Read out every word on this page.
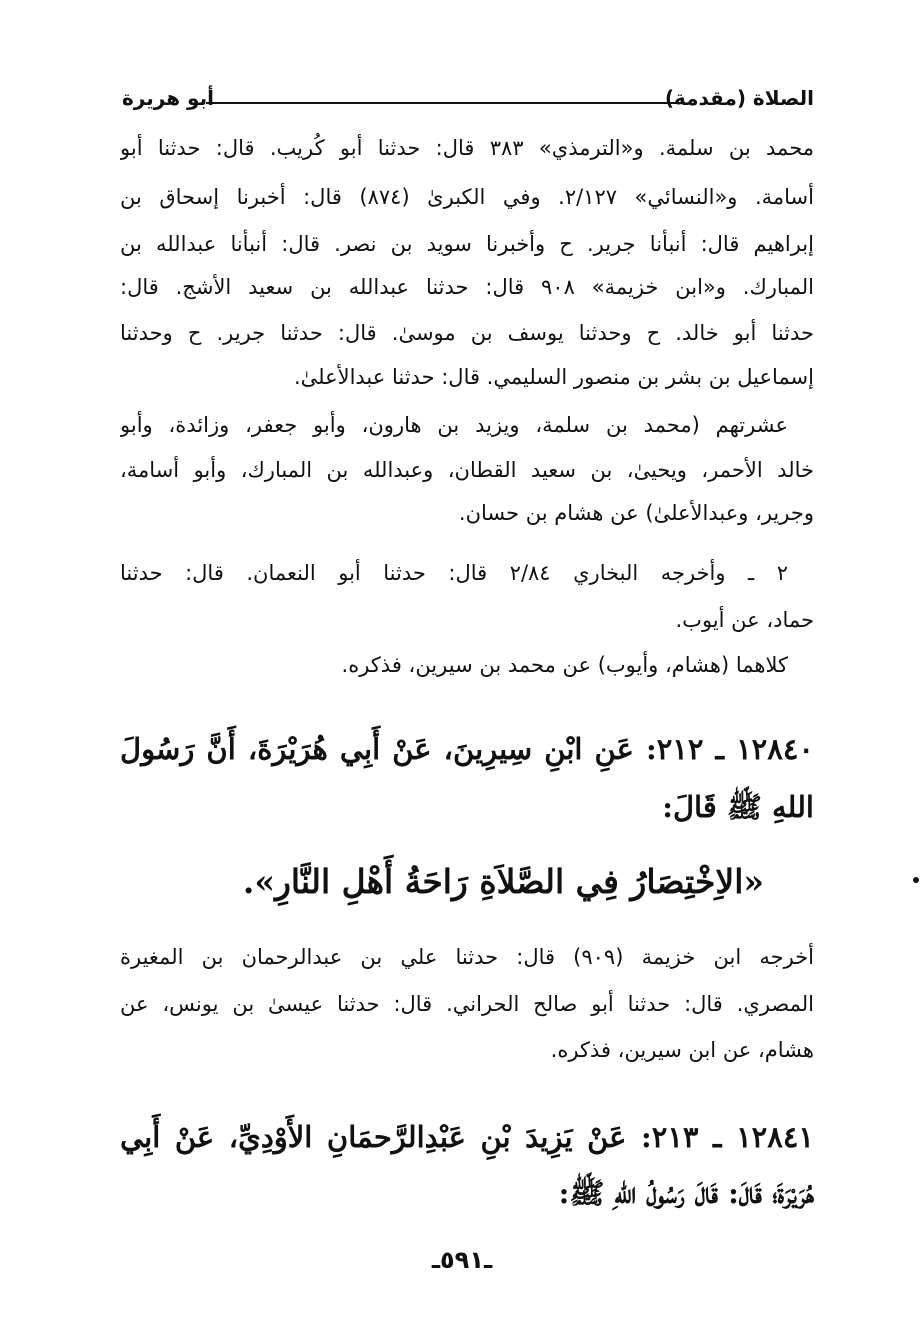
الصلاة (مقدمة)
أبو هريرة
محمد بن سلمة. و«الترمذي» ٣٨٣ قال: حدثنا أبو كُريب. قال: حدثنا أبو
أسامة. و«النسائي» ٢/١٢٧. وفي الكبرىٰ (٨٧٤) قال: أخبرنا إسحاق بن
إبراهيم قال: أنبأنا جرير. ح وأخبرنا سويد بن نصر. قال: أنبأنا عبدالله بن
المبارك. و«ابن خزيمة» ٩٠٨ قال: حدثنا عبدالله بن سعيد الأشج. قال:
حدثنا أبو خالد. ح وحدثنا يوسف بن موسىٰ. قال: حدثنا جرير. ح وحدثنا
إسماعيل بن بشر بن منصور السليمي. قال: حدثنا عبدالأعلىٰ.
عشرتهم (محمد بن سلمة، ويزيد بن هارون، وأبو جعفر، وزائدة، وأبو
خالد الأحمر، ويحيىٰ، بن سعيد القطان، وعبدالله بن المبارك، وأبو أسامة،
وجرير، وعبدالأعلىٰ) عن هشام بن حسان.
٢ ـ وأخرجه البخاري ٢/٨٤ قال: حدثنا أبو النعمان. قال: حدثنا
حماد، عن أيوب.
كلاهما (هشام، وأيوب) عن محمد بن سيرين، فذكره.
١٢٨٤٠ ـ ٢١٢: عَنِ ابْنِ سِيرِينَ، عَنْ أَبِي هُرَيْرَةَ، أَنَّ رَسُولَ
اللهِ ﷺ قَالَ:
«الاِخْتِصَارُ فِي الصَّلاَةِ رَاحَةُ أَهْلِ النَّارِ».
أخرجه ابن خزيمة (٩٠٩) قال: حدثنا علي بن عبدالرحمان بن المغيرة
المصري. قال: حدثنا أبو صالح الحراني. قال: حدثنا عيسىٰ بن يونس، عن
هشام، عن ابن سيرين، فذكره.
١٢٨٤١ ـ ٢١٣: عَنْ يَزِيدَ بْنِ عَبْدِالرَّحمَانِ الأَوْدِيِّ، عَنْ أَبِي
هُرَيْرَةَ؛ قَالَ: قَالَ رَسُولُ اللهِ ﷺ:
ـ٥٩١ـ
